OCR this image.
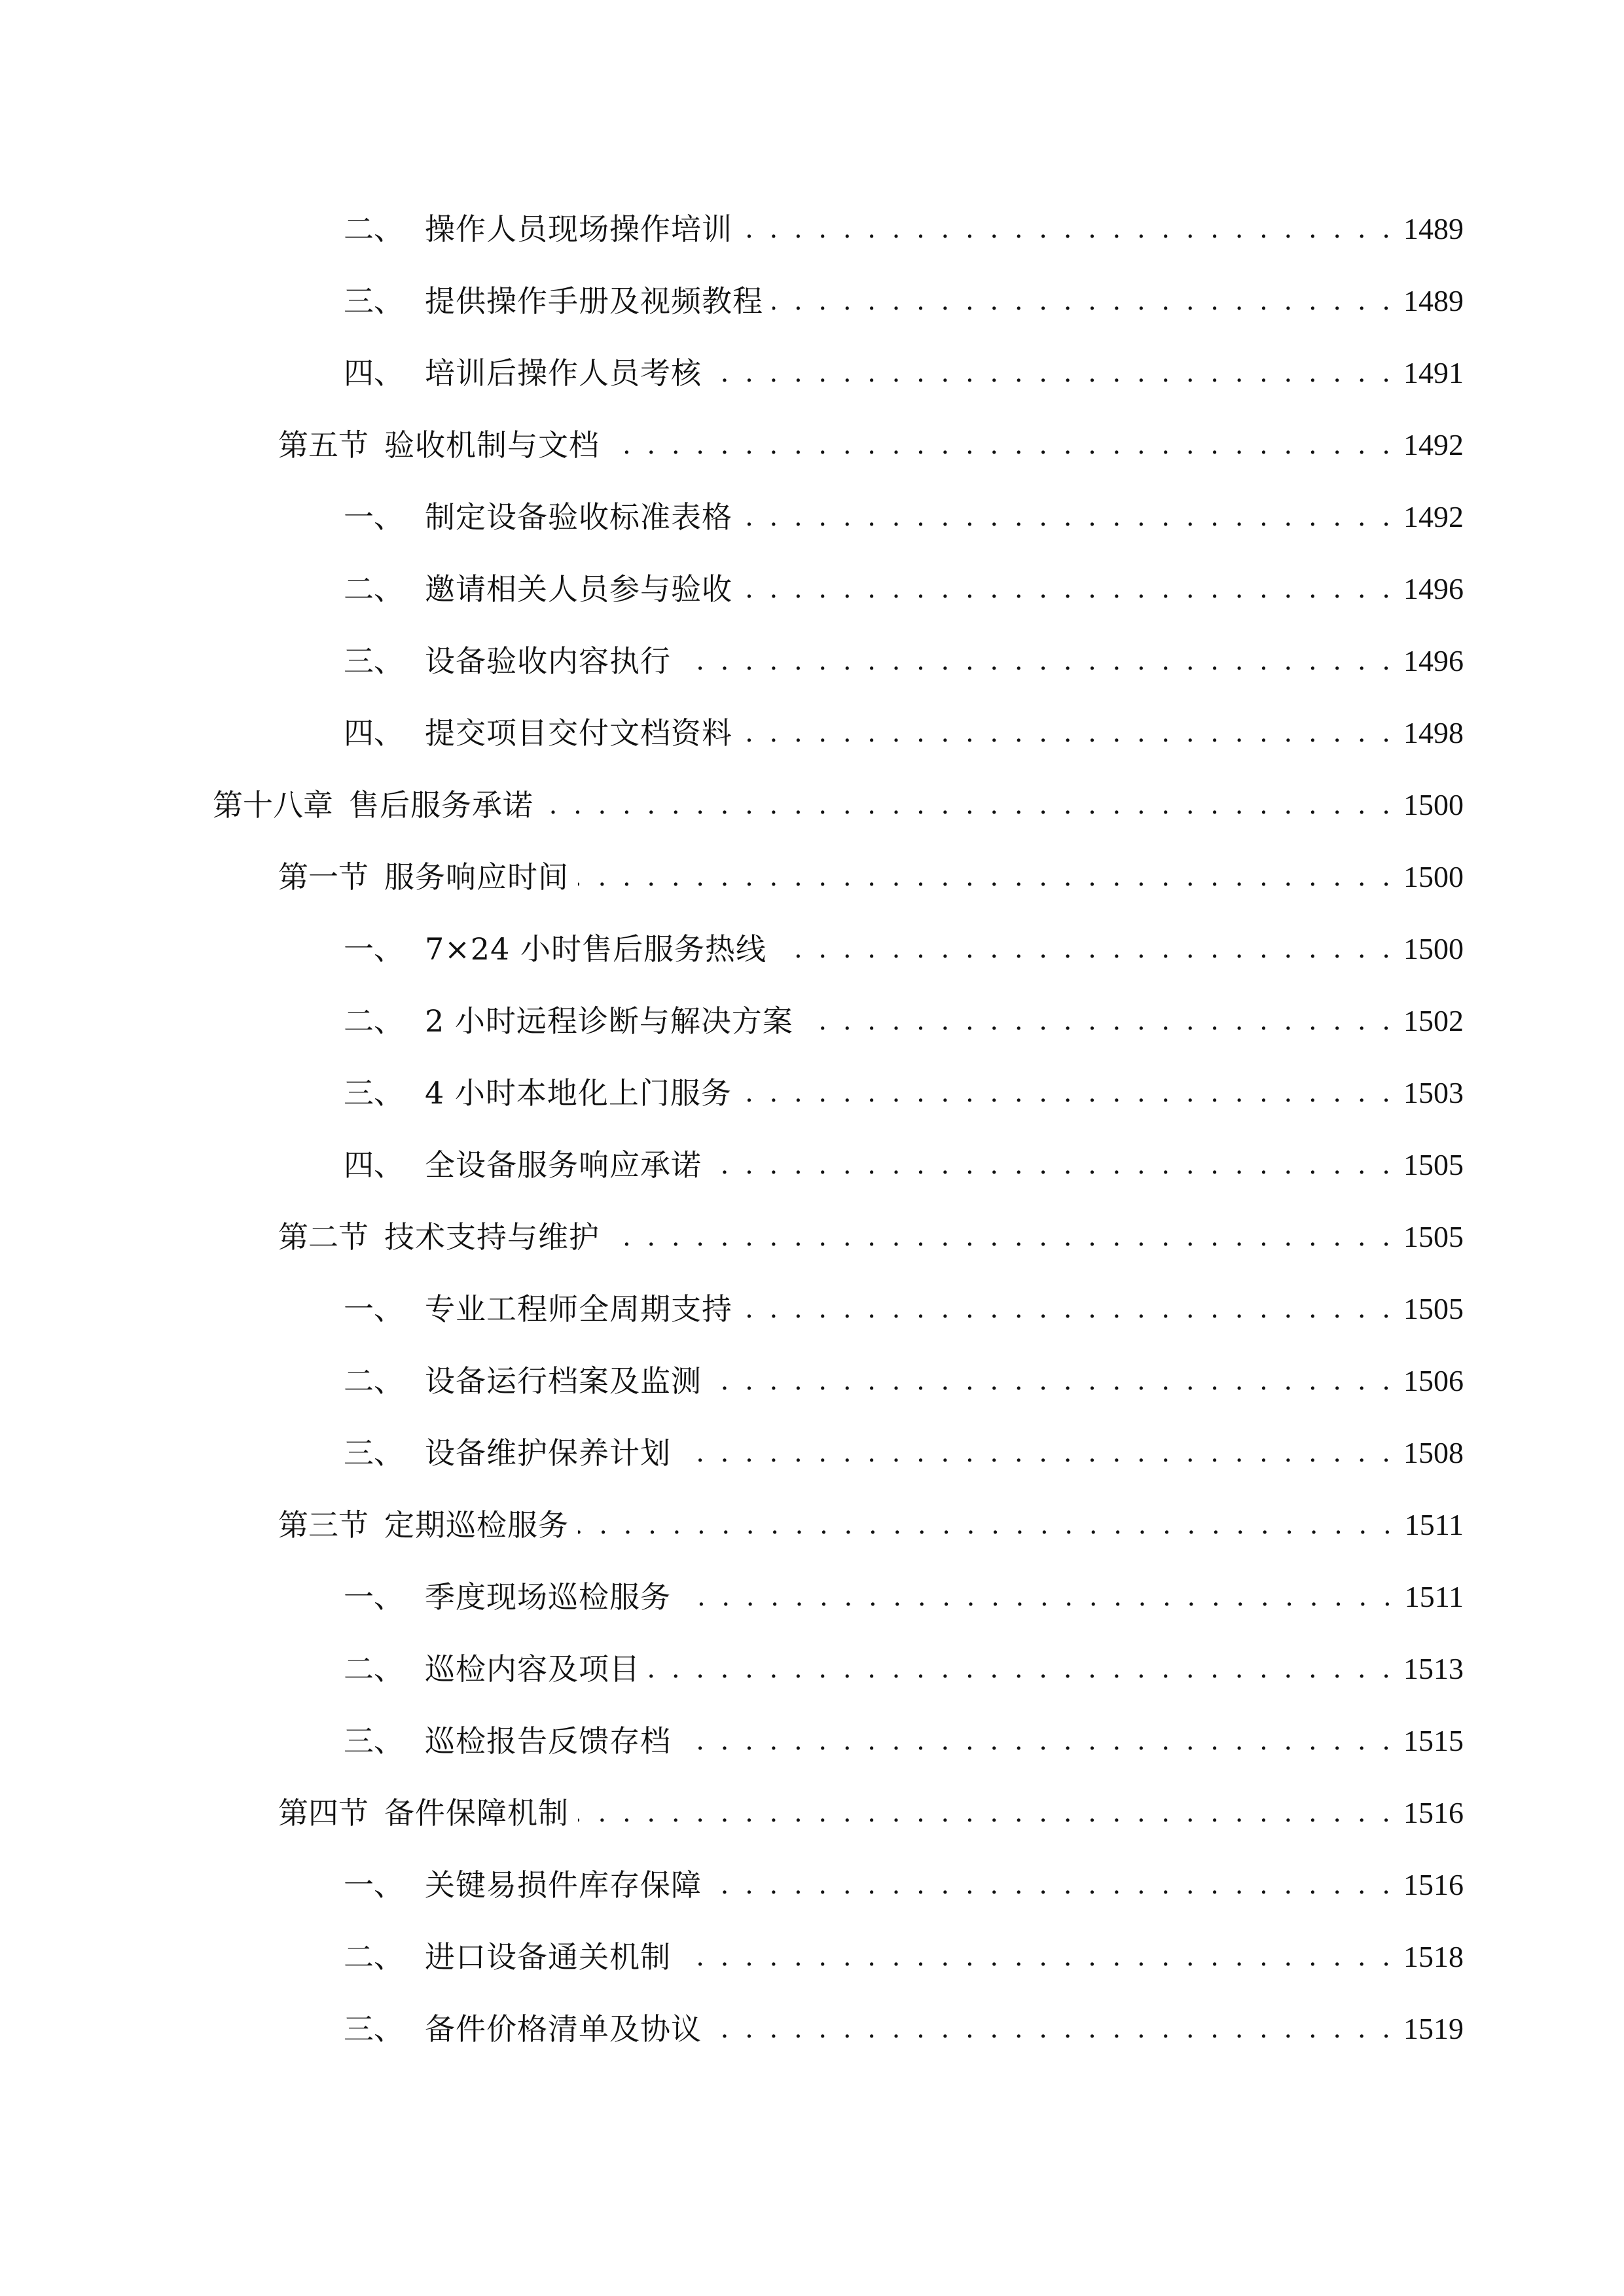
二、 操作人员现场操作培训 . . .	1489
三、 提供操作手册及视频教程 . . .	1489
四、 培训后操作人员考核 . . .	1491
第五节 验收机制与文档 . . .	1492
一、 制定设备验收标准表格 . . .	1492
二、 邀请相关人员参与验收 . . .	1496
三、 设备验收内容执行 . . .	1496
四、 提交项目交付文档资料 . . .	1498
第十八章 售后服务承诺 . . .	1500
第一节 服务响应时间 . . .	1500
一、 7×24 小时售后服务热线 . . .	1500
二、 2 小时远程诊断与解决方案 . . .	1502
三、 4 小时本地化上门服务 . . .	1503
四、 全设备服务响应承诺 . . .	1505
第二节 技术支持与维护 . . .	1505
一、 专业工程师全周期支持 . . .	1505
二、 设备运行档案及监测 . . .	1506
三、 设备维护保养计划 . . .	1508
第三节 定期巡检服务 . . .	1511
一、 季度现场巡检服务 . . .	1511
二、 巡检内容及项目 . . .	1513
三、 巡检报告反馈存档 . . .	1515
第四节 备件保障机制 . . .	1516
一、 关键易损件库存保障 . . .	1516
二、 进口设备通关机制 . . .	1518
三、 备件价格清单及协议 . . .	1519
